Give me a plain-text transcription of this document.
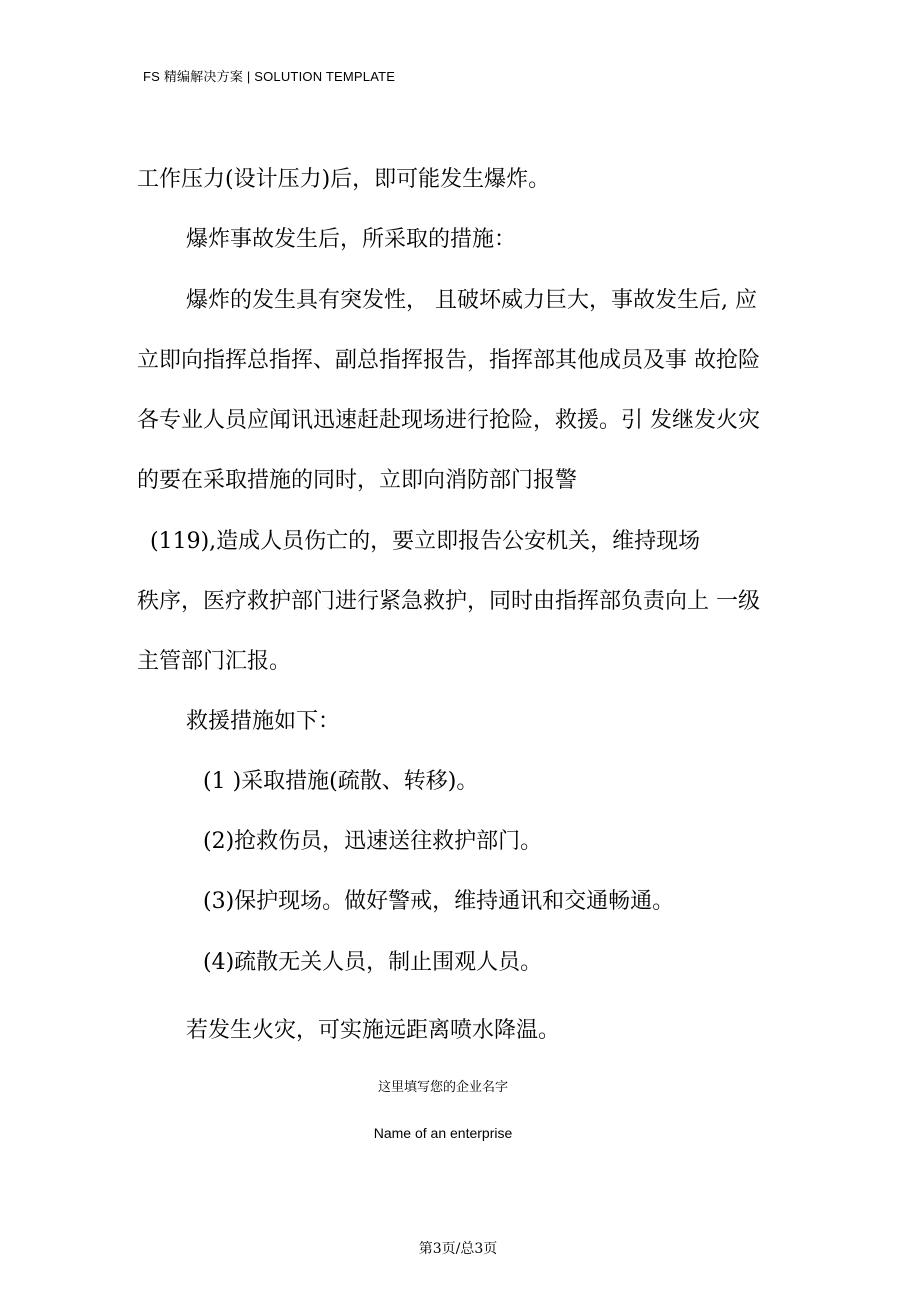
FS 精编解决方案 | SOLUTION TEMPLATE
工作压力(设计压力)后，即可能发生爆炸。
爆炸事故发生后，所采取的措施：
爆炸的发生具有突发性， 且破坏威力巨大，事故发生后, 应
立即向指挥总指挥、副总指挥报告，指挥部其他成员及事 故抢险
各专业人员应闻讯迅速赶赴现场进行抢险，救援。引 发继发火灾
的要在采取措施的同时，立即向消防部门报警
(119),造成人员伤亡的，要立即报告公安机关，维持现场
秩序，医疗救护部门进行紧急救护，同时由指挥部负责向上 一级
主管部门汇报。
救援措施如下：
(1 )采取措施(疏散、转移)。
(2)抢救伤员，迅速送往救护部门。
(3)保护现场。做好警戒，维持通讯和交通畅通。
(4)疏散无关人员，制止围观人员。
若发生火灾，可实施远距离喷水降温。
这里填写您的企业名字
Name of an enterprise
第3页/总3页
